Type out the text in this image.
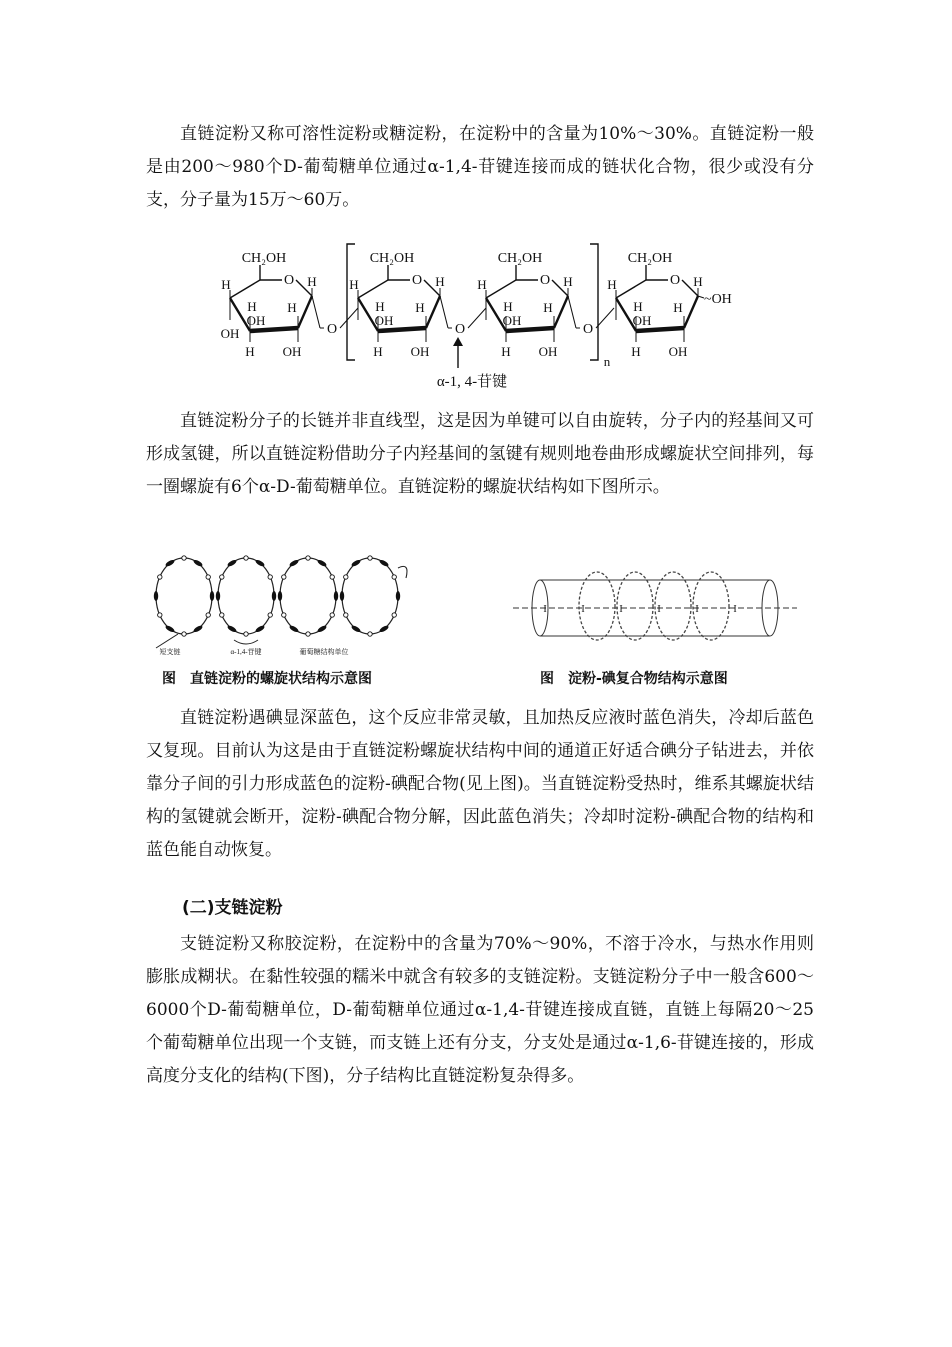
直链淀粉又称可溶性淀粉或糖淀粉，在淀粉中的含量为10%～30%。直链淀粉一般是由200～980个D-葡萄糖单位通过α-1,4-苷键连接而成的链状化合物，很少或没有分支，分子量为15万～60万。

O
CH₂OH
H
H
OH
H
H
OH
H
OH	O
O
CH₂OH
H
H
OH
H
H
OH
H
O
O
CH₂OH
H
H
OH
H
H
OH
H
O
O
CH₂OH
H
H
OH
H
H
OH
H
~OH
n
α-1, 4-苷键

直链淀粉分子的长链并非直线型，这是因为单键可以自由旋转，分子内的羟基间又可形成氢键，所以直链淀粉借助分子内羟基间的氢键有规则地卷曲形成螺旋状空间排列，每一圈螺旋有6个α-D-葡萄糖单位。直链淀粉的螺旋状结构如下图所示。

短支链	α-1,4-苷键	葡萄糖结构单位
I	I	I	I	I	I

图　直链淀粉的螺旋状结构示意图	图　淀粉-碘复合物结构示意图

直链淀粉遇碘显深蓝色，这个反应非常灵敏，且加热反应液时蓝色消失，冷却后蓝色又复现。目前认为这是由于直链淀粉螺旋状结构中间的通道正好适合碘分子钻进去，并依靠分子间的引力形成蓝色的淀粉-碘配合物(见上图)。当直链淀粉受热时，维系其螺旋状结构的氢键就会断开，淀粉-碘配合物分解，因此蓝色消失；冷却时淀粉-碘配合物的结构和蓝色能自动恢复。

(二)支链淀粉

支链淀粉又称胶淀粉，在淀粉中的含量为70%～90%，不溶于冷水，与热水作用则膨胀成糊状。在黏性较强的糯米中就含有较多的支链淀粉。支链淀粉分子中一般含600～6000个D-葡萄糖单位，D-葡萄糖单位通过α-1,4-苷键连接成直链，直链上每隔20～25个葡萄糖单位出现一个支链，而支链上还有分支，分支处是通过α-1,6-苷键连接的，形成高度分支化的结构(下图)，分子结构比直链淀粉复杂得多。
